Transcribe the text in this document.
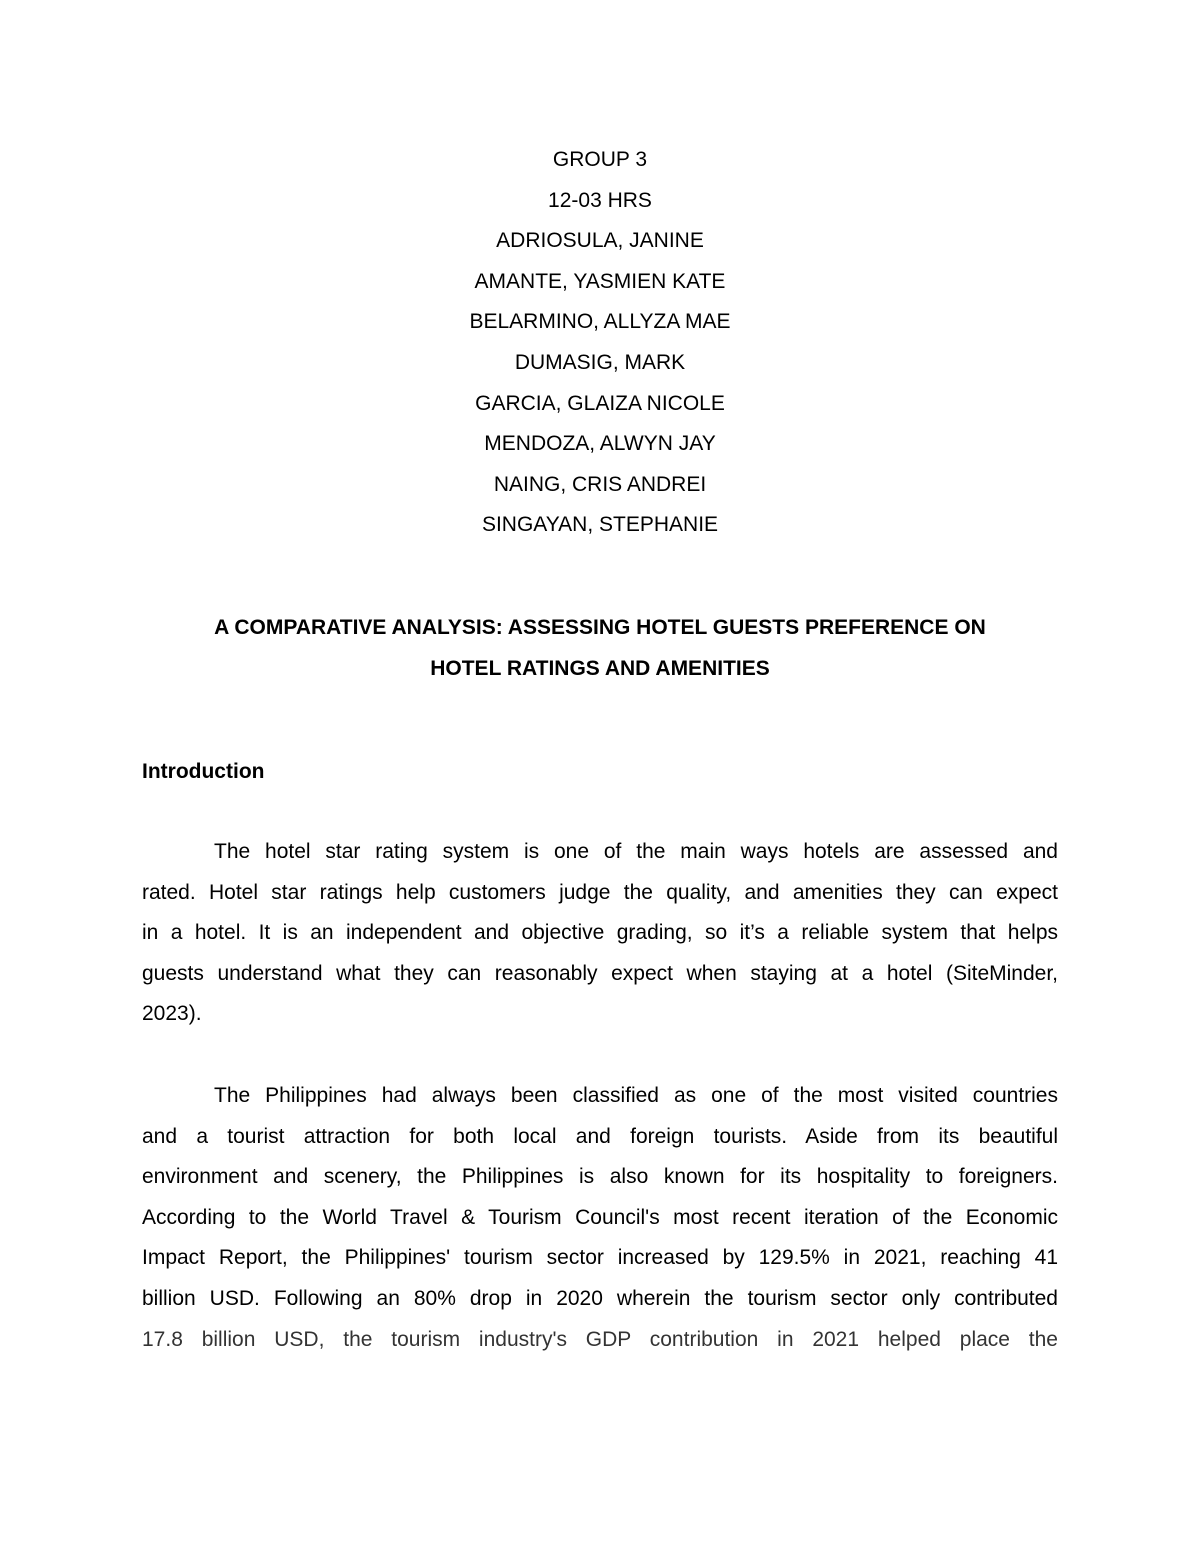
GROUP 3
12-03 HRS
ADRIOSULA, JANINE
AMANTE, YASMIEN KATE
BELARMINO, ALLYZA MAE
DUMASIG, MARK
GARCIA, GLAIZA NICOLE
MENDOZA, ALWYN JAY
NAING, CRIS ANDREI
SINGAYAN, STEPHANIE
A COMPARATIVE ANALYSIS: ASSESSING HOTEL GUESTS PREFERENCE ON
HOTEL RATINGS AND AMENITIES
Introduction
The hotel star rating system is one of the main ways hotels are assessed and
rated. Hotel star ratings help customers judge the quality, and amenities they can expect
in a hotel. It is an independent and objective grading, so it’s a reliable system that helps
guests understand what they can reasonably expect when staying at a hotel (SiteMinder,
2023).
The Philippines had always been classified as one of the most visited countries
and a tourist attraction for both local and foreign tourists. Aside from its beautiful
environment and scenery, the Philippines is also known for its hospitality to foreigners.
According to the World Travel & Tourism Council's most recent iteration of the Economic
Impact Report, the Philippines' tourism sector increased by 129.5% in 2021, reaching 41
billion USD. Following an 80% drop in 2020 wherein the tourism sector only contributed
17.8 billion USD, the tourism industry's GDP contribution in 2021 helped place the
